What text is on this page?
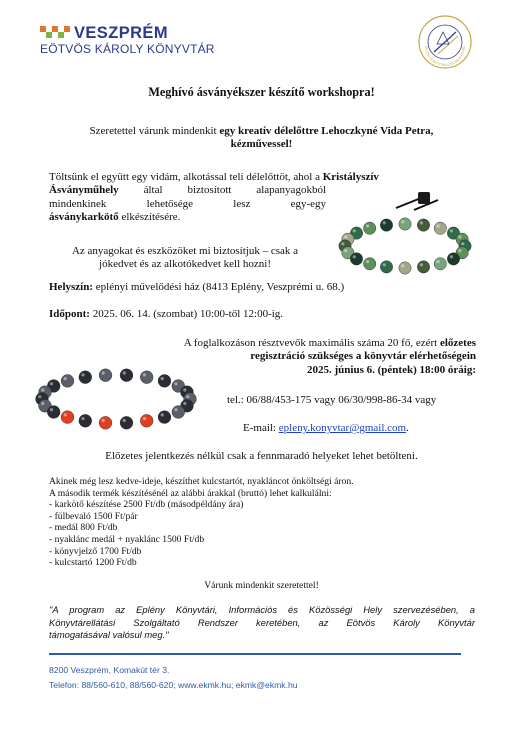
VESZPRÉM
EÖTVÖS KÁROLY KÖNYVTÁR	EPLÉNY KÖNYVTÁRI SZOLGÁLTATÓ HEL
Meghívó ásványékszer készítő workshopra!
Szeretettel várunk mindenkit egy kreatív délelőttre Lehoczkyné Vida Petra,
kézművessel!
Töltsünk el együtt egy vidám, alkotással teli délelőttöt, ahol a Kristályszív
Ásványműhely által biztosított alapanyagokból
mindenkinek lehetősége lesz egy-egy
ásványkarkötő elkészítésére.
Az anyagokat és eszközöket mi biztosítjuk – csak a
jókedvet és az alkotókedvet kell hozni!
Helyszín: eplényi művelődési ház (8413 Eplény, Veszprémi u. 68.)
Időpont: 2025. 06. 14. (szombat) 10:00-től 12:00-ig.
A foglalkozáson résztvevők maximális száma 20 fő, ezért előzetes
regisztráció szükséges a könyvtár elérhetőségein
2025. június 6. (péntek) 18:00 óráig:
tel.: 06/88/453-175 vagy 06/30/998-86-34 vagy
E-mail: epleny.konyvtar@gmail.com.
Előzetes jelentkezés nélkül csak a fennmaradó helyeket lehet betölteni.
Akinek még lesz kedve-ideje, készíthet kulcstartót, nyakláncot önköltségi áron.
A második termék készítésénél az alábbi árakkal (bruttó) lehet kalkulálni:
- karkötő készítése 2500 Ft/db (másodpéldány ára)
- fülbevaló 1500 Ft/pár
- medál 800 Ft/db
- nyaklánc medál + nyaklánc 1500 Ft/db
- könyvjelző 1700 Ft/db
- kulcstartó 1200 Ft/db
Várunk mindenkit szeretettel!
"A program az Eplény Könyvtári, Információs és Közösségi Hely szervezésében, a
Könyvtárellátási Szolgáltató Rendszer keretében, az Eötvös Károly Könyvtár
támogatásával valósul meg."
8200 Veszprém, Komakút tér 3.
Telefon: 88/560-610, 88/560-620; www.ekmk.hu; ekmk@ekmk.hu
